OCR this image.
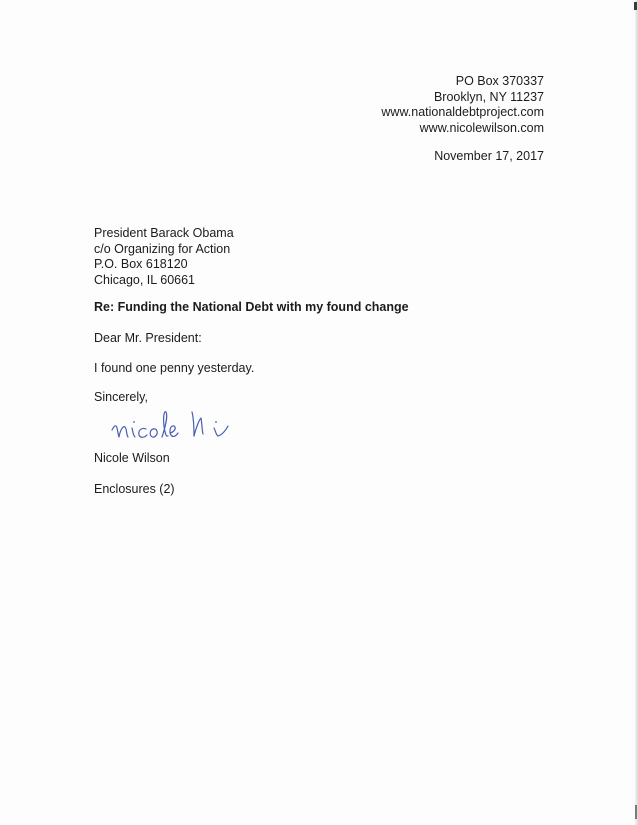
PO Box 370337
Brooklyn, NY 11237
www.nationaldebtproject.com
www.nicolewilson.com
November 17, 2017
President Barack Obama
c/o Organizing for Action
P.O. Box 618120
Chicago, IL 60661
Re: Funding the National Debt with my found change
Dear Mr. President:
I found one penny yesterday.
Sincerely,
Nicole Wilson
Enclosures (2)
